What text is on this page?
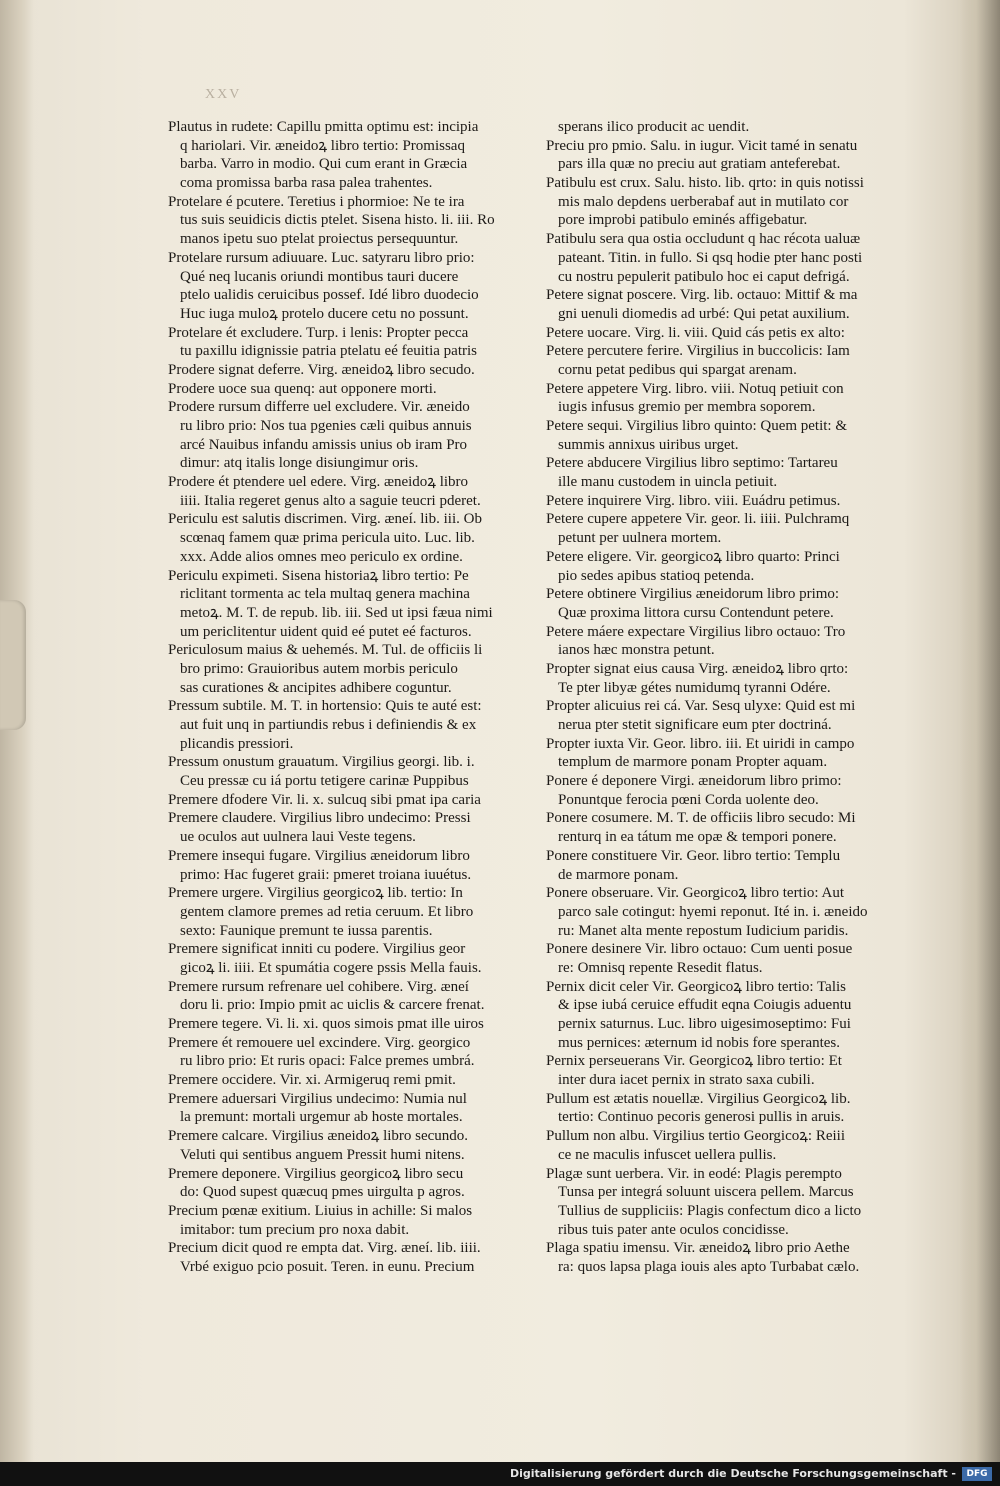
XXV
Plautus in rudete: Capillu pmitta optimu est: incipia
q hariolari. Vir. æneidoꝝ libro tertio: Promissaq
barba. Varro in modio. Qui cum erant in Græcia
coma promissa barba rasa palea trahentes.
Protelare é pcutere. Teretius i phormioe: Ne te ira
tus suis seuidicis dictis ptelet. Sisena histo. li. iii. Ro
manos ipetu suo ptelat proiectus persequuntur.
Protelare rursum adiuuare. Luc. satyraru libro prio:
Qué neq lucanis oriundi montibus tauri ducere
ptelo ualidis ceruicibus possef. Idé libro duodecio
Huc iuga muloꝝ protelo ducere cetu no possunt.
Protelare ét excludere. Turp. i lenis: Propter pecca
tu paxillu idignissie patria ptelatu eé feuitia patris
Prodere signat deferre. Virg. æneidoꝝ libro secudo.
Prodere uoce sua quenq: aut opponere morti.
Prodere rursum differre uel excludere. Vir. æneido
ru libro prio: Nos tua pgenies cæli quibus annuis
arcé Nauibus infandu amissis unius ob iram Pro
dimur: atq italis longe disiungimur oris.
Prodere ét ptendere uel edere. Virg. æneidoꝝ libro
iiii. Italia regeret genus alto a saguie teucri pderet.
Periculu est salutis discrimen. Virg. æneí. lib. iii. Ob
scœnaq famem quæ prima pericula uito. Luc. lib.
xxx. Adde alios omnes meo periculo ex ordine.
Periculu expimeti. Sisena historiaꝝ libro tertio: Pe
riclitant tormenta ac tela multaq genera machina
metoꝝ. M. T. de repub. lib. iii. Sed ut ipsi fæua nimi
um periclitentur uident quid eé putet eé facturos.
Periculosum maius & uehemés. M. Tul. de officiis li
bro primo: Grauioribus autem morbis periculo
sas curationes & ancipites adhibere coguntur.
Pressum subtile. M. T. in hortensio: Quis te auté est:
aut fuit unq in partiundis rebus i definiendis & ex
plicandis pressiori.
Pressum onustum grauatum. Virgilius georgi. lib. i.
Ceu pressæ cu iá portu tetigere carinæ Puppibus
Premere dfodere Vir. li. x. sulcuq sibi pmat ipa caria
Premere claudere. Virgilius libro undecimo: Pressi
ue oculos aut uulnera laui Veste tegens.
Premere insequi fugare. Virgilius æneidorum libro
primo: Hac fugeret graii: pmeret troiana iuuétus.
Premere urgere. Virgilius georgicoꝝ lib. tertio: In
gentem clamore premes ad retia ceruum. Et libro
sexto: Faunique premunt te iussa parentis.
Premere significat inniti cu podere. Virgilius geor
gicoꝝ li. iiii. Et spumátia cogere pssis Mella fauis.
Premere rursum refrenare uel cohibere. Virg. æneí
doru li. prio: Impio pmit ac uiclis & carcere frenat.
Premere tegere. Vi. li. xi. quos simois pmat ille uiros
Premere ét remouere uel excindere. Virg. georgico
ru libro prio: Et ruris opaci: Falce premes umbrá.
Premere occidere. Vir. xi. Armigeruq remi pmit.
Premere aduersari Virgilius undecimo: Numia nul
la premunt: mortali urgemur ab hoste mortales.
Premere calcare. Virgilius æneidoꝝ libro secundo.
Veluti qui sentibus anguem Pressit humi nitens.
Premere deponere. Virgilius georgicoꝝ libro secu
do: Quod supest quæcuq pmes uirgulta p agros.
Precium pœnæ exitium. Liuius in achille: Si malos
imitabor: tum precium pro noxa dabit.
Precium dicit quod re empta dat. Virg. æneí. lib. iiii.
Vrbé exiguo pcio posuit. Teren. in eunu. Precium
sperans ilico producit ac uendit.
Preciu pro pmio. Salu. in iugur. Vicit tamé in senatu
pars illa quæ no preciu aut gratiam anteferebat.
Patibulu est crux. Salu. histo. lib. qrto: in quis notissi
mis malo depdens uerberabaf aut in mutilato cor
pore improbi patibulo eminés affigebatur.
Patibulu sera qua ostia occludunt q hac récota ualuæ
pateant. Titin. in fullo. Si qsq hodie pter hanc posti
cu nostru pepulerit patibulo hoc ei caput defrigá.
Petere signat poscere. Virg. lib. octauo: Mittif & ma
gni uenuli diomedis ad urbé: Qui petat auxilium.
Petere uocare. Virg. li. viii. Quid cás petis ex alto:
Petere percutere ferire. Virgilius in buccolicis: Iam
cornu petat pedibus qui spargat arenam.
Petere appetere Virg. libro. viii. Notuq petiuit con
iugis infusus gremio per membra soporem.
Petere sequi. Virgilius libro quinto: Quem petit: &
summis annixus uiribus urget.
Petere abducere Virgilius libro septimo: Tartareu
ille manu custodem in uincla petiuit.
Petere inquirere Virg. libro. viii. Euádru petimus.
Petere cupere appetere Vir. geor. li. iiii. Pulchramq
petunt per uulnera mortem.
Petere eligere. Vir. georgicoꝝ libro quarto: Princi
pio sedes apibus statioq petenda.
Petere obtinere Virgilius æneidorum libro primo:
Quæ proxima littora cursu Contendunt petere.
Petere máere expectare Virgilius libro octauo: Tro
ianos hæc monstra petunt.
Propter signat eius causa Virg. æneidoꝝ libro qrto:
Te pter libyæ gétes numidumq tyranni Odére.
Propter alicuius rei cá. Var. Sesq ulyxe: Quid est mi
nerua pter stetit significare eum pter doctriná.
Propter iuxta Vir. Geor. libro. iii. Et uiridi in campo
templum de marmore ponam Propter aquam.
Ponere é deponere Virgi. æneidorum libro primo:
Ponuntque ferocia pœni Corda uolente deo.
Ponere cosumere. M. T. de officiis libro secudo: Mi
renturq in ea tátum me opæ & tempori ponere.
Ponere constituere Vir. Geor. libro tertio: Templu
de marmore ponam.
Ponere obseruare. Vir. Georgicoꝝ libro tertio: Aut
parco sale cotingut: hyemi reponut. Ité in. i. æneido
ru: Manet alta mente repostum Iudicium paridis.
Ponere desinere Vir. libro octauo: Cum uenti posue
re: Omnisq repente Resedit flatus.
Pernix dicit celer Vir. Georgicoꝝ libro tertio: Talis
& ipse iubá ceruice effudit eqna Coiugis aduentu
pernix saturnus. Luc. libro uigesimoseptimo: Fui
mus pernices: æternum id nobis fore sperantes.
Pernix perseuerans Vir. Georgicoꝝ libro tertio: Et
inter dura iacet pernix in strato saxa cubili.
Pullum est ætatis nouellæ. Virgilius Georgicoꝝ lib.
tertio: Continuo pecoris generosi pullis in aruis.
Pullum non albu. Virgilius tertio Georgicoꝝ: Reiii
ce ne maculis infuscet uellera pullis.
Plagæ sunt uerbera. Vir. in eodé: Plagis perempto
Tunsa per integrá soluunt uiscera pellem. Marcus
Tullius de suppliciis: Plagis confectum dico a licto
ribus tuis pater ante oculos concidisse.
Plaga spatiu imensu. Vir. æneidoꝝ libro prio Aethe
ra: quos lapsa plaga iouis ales apto Turbabat cælo.
Digitalisierung gefördert durch die Deutsche Forschungsgemeinschaft -	DFG
